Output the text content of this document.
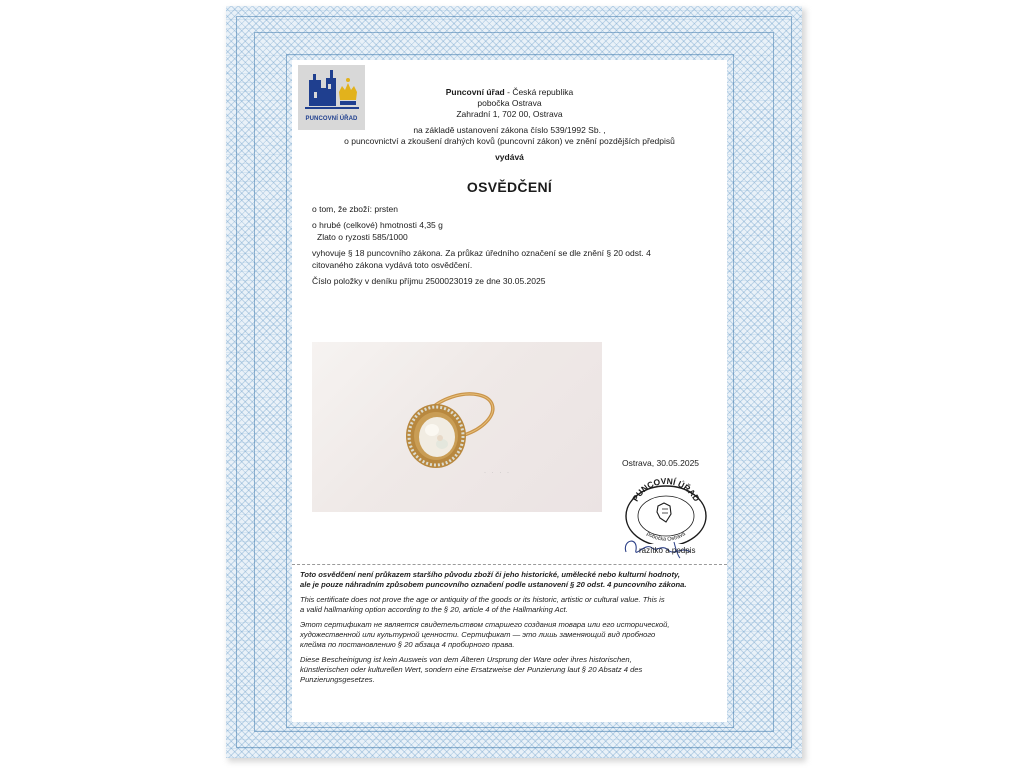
PUNCOVNÍ ÚŘAD
Puncovní úřad - Česká republika
pobočka Ostrava
Zahradní 1, 702 00, Ostrava
na základě ustanovení zákona číslo 539/1992 Sb. ,
o puncovnictví a zkoušení drahých kovů (puncovní zákon) ve znění pozdějších předpisů
vydává
OSVĚDČENÍ
o tom, že zboží: prsten
o hrubé (celkové) hmotnosti 4,35 g
Zlato o ryzosti 585/1000
vyhovuje § 18 puncovního zákona. Za průkaz úředního označení se dle znění § 20 odst. 4
citovaného zákona vydává toto osvědčení.
Číslo položky v deníku příjmu 2500023019 ze dne 30.05.2025
· · · ·
Ostrava, 30.05.2025
PUNCOVNÍ ÚŘAD
pobočka Ostrava
razítko a podpis
Toto osvědčení není průkazem staršího původu zboží či jeho historické, umělecké nebo kulturní hodnoty,
ale je pouze náhradním způsobem puncovního označení podle ustanovení § 20 odst. 4 puncovního zákona.
This certificate does not prove the age or antiquity of the goods or its historic, artistic or cultural value. This is
a valid hallmarking option according to the § 20, article 4 of the Hallmarking Act.
Этот сертификат не является свидетельством старшего создания товара или его исторической,
художественной или культурной ценности. Сертификат — это лишь заменяющий вид пробного
клейма по постановлению § 20 абзаца 4 пробирного права.
Diese Bescheinigung ist kein Ausweis von dem Älteren Ursprung der Ware oder ihres historischen,
künstlerischen oder kulturellen Wert, sondern eine Ersatzweise der Punzierung laut § 20 Absatz 4 des
Punzierungsgesetzes.
